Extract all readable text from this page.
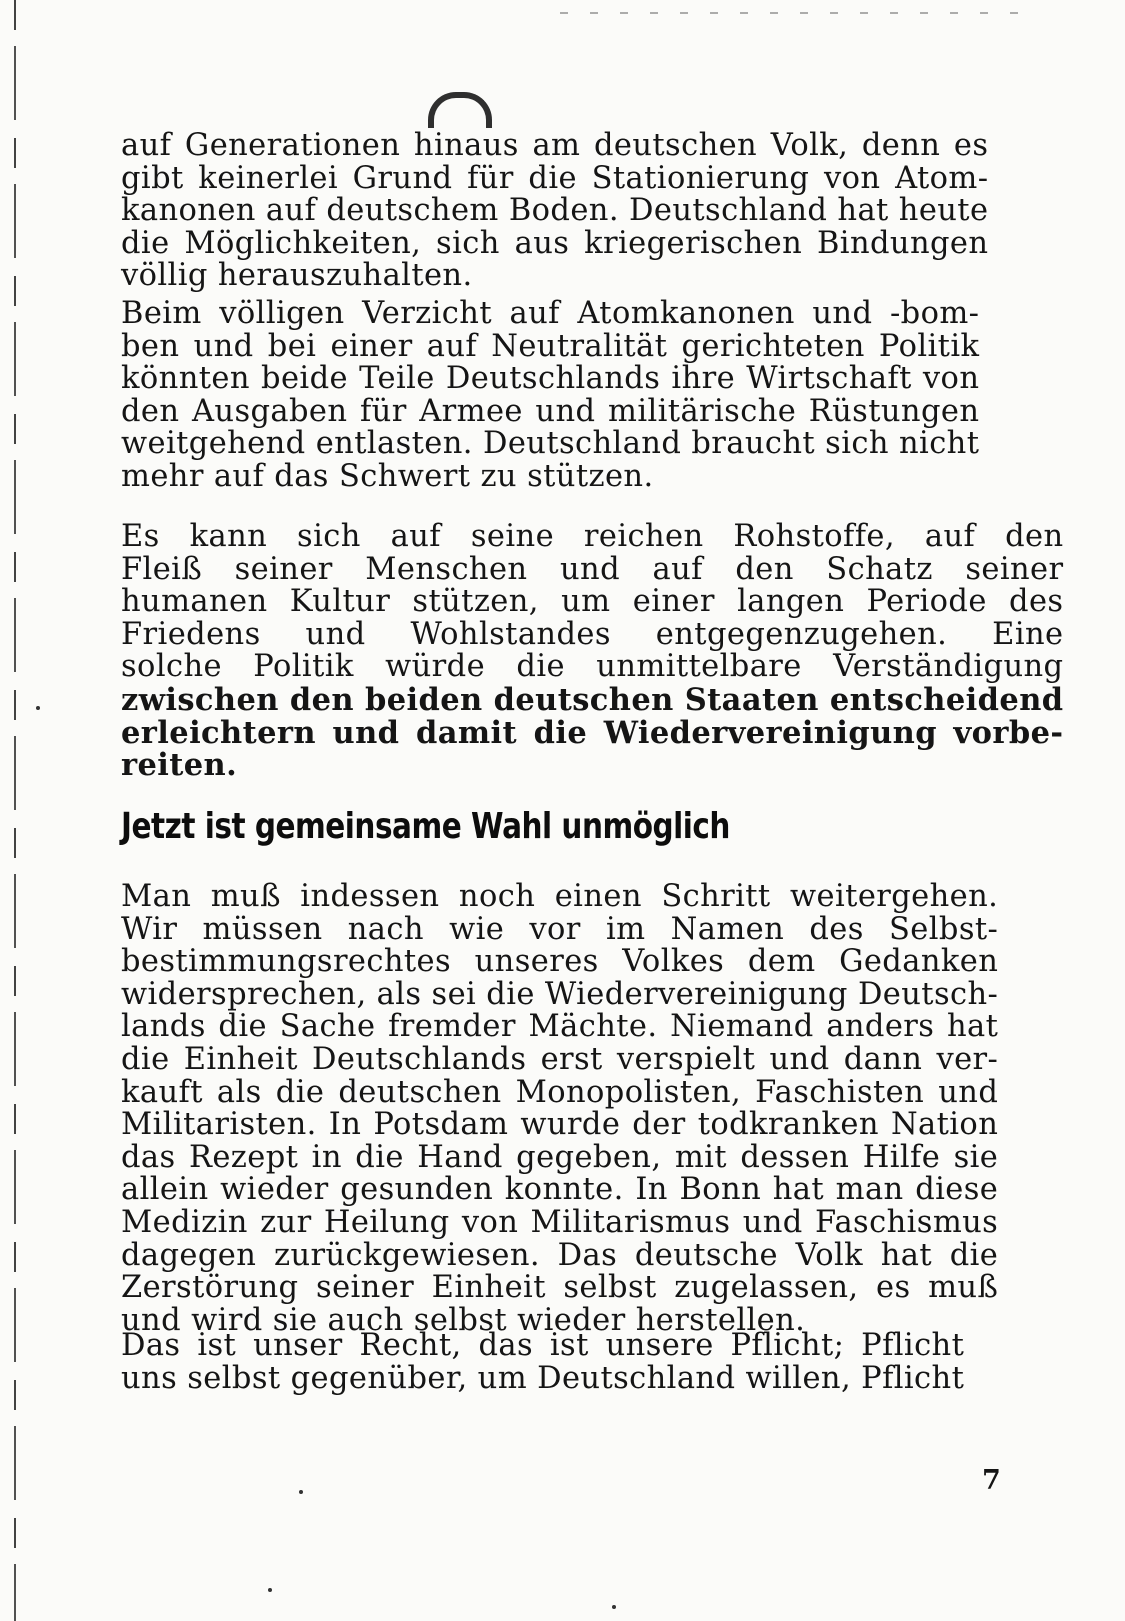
auf Generationen hinaus am deutschen Volk, denn es
gibt keinerlei Grund für die Stationierung von Atom-
kanonen auf deutschem Boden. Deutschland hat heute
die Möglichkeiten, sich aus kriegerischen Bindungen
völlig herauszuhalten.

Beim völligen Verzicht auf Atomkanonen und -bom-
ben und bei einer auf Neutralität gerichteten Politik
könnten beide Teile Deutschlands ihre Wirtschaft von
den Ausgaben für Armee und militärische Rüstungen
weitgehend entlasten. Deutschland braucht sich nicht
mehr auf das Schwert zu stützen.

Es kann sich auf seine reichen Rohstoffe, auf den
Fleiß seiner Menschen und auf den Schatz seiner
humanen Kultur stützen, um einer langen Periode des
Friedens und Wohlstandes entgegenzugehen. Eine
solche Politik würde die unmittelbare Verständigung
zwischen den beiden deutschen Staaten entscheidend
erleichtern und damit die Wiedervereinigung vorbe-
reiten.

Jetzt ist gemeinsame Wahl unmöglich

Man muß indessen noch einen Schritt weitergehen.
Wir müssen nach wie vor im Namen des Selbst-
bestimmungsrechtes unseres Volkes dem Gedanken
widersprechen, als sei die Wiedervereinigung Deutsch-
lands die Sache fremder Mächte. Niemand anders hat
die Einheit Deutschlands erst verspielt und dann ver-
kauft als die deutschen Monopolisten, Faschisten und
Militaristen. In Potsdam wurde der todkranken Nation
das Rezept in die Hand gegeben, mit dessen Hilfe sie
allein wieder gesunden konnte. In Bonn hat man diese
Medizin zur Heilung von Militarismus und Faschismus
dagegen zurückgewiesen. Das deutsche Volk hat die
Zerstörung seiner Einheit selbst zugelassen, es muß
und wird sie auch selbst wieder herstellen.

Das ist unser Recht, das ist unsere Pflicht; Pflicht
uns selbst gegenüber, um Deutschland willen, Pflicht

7
